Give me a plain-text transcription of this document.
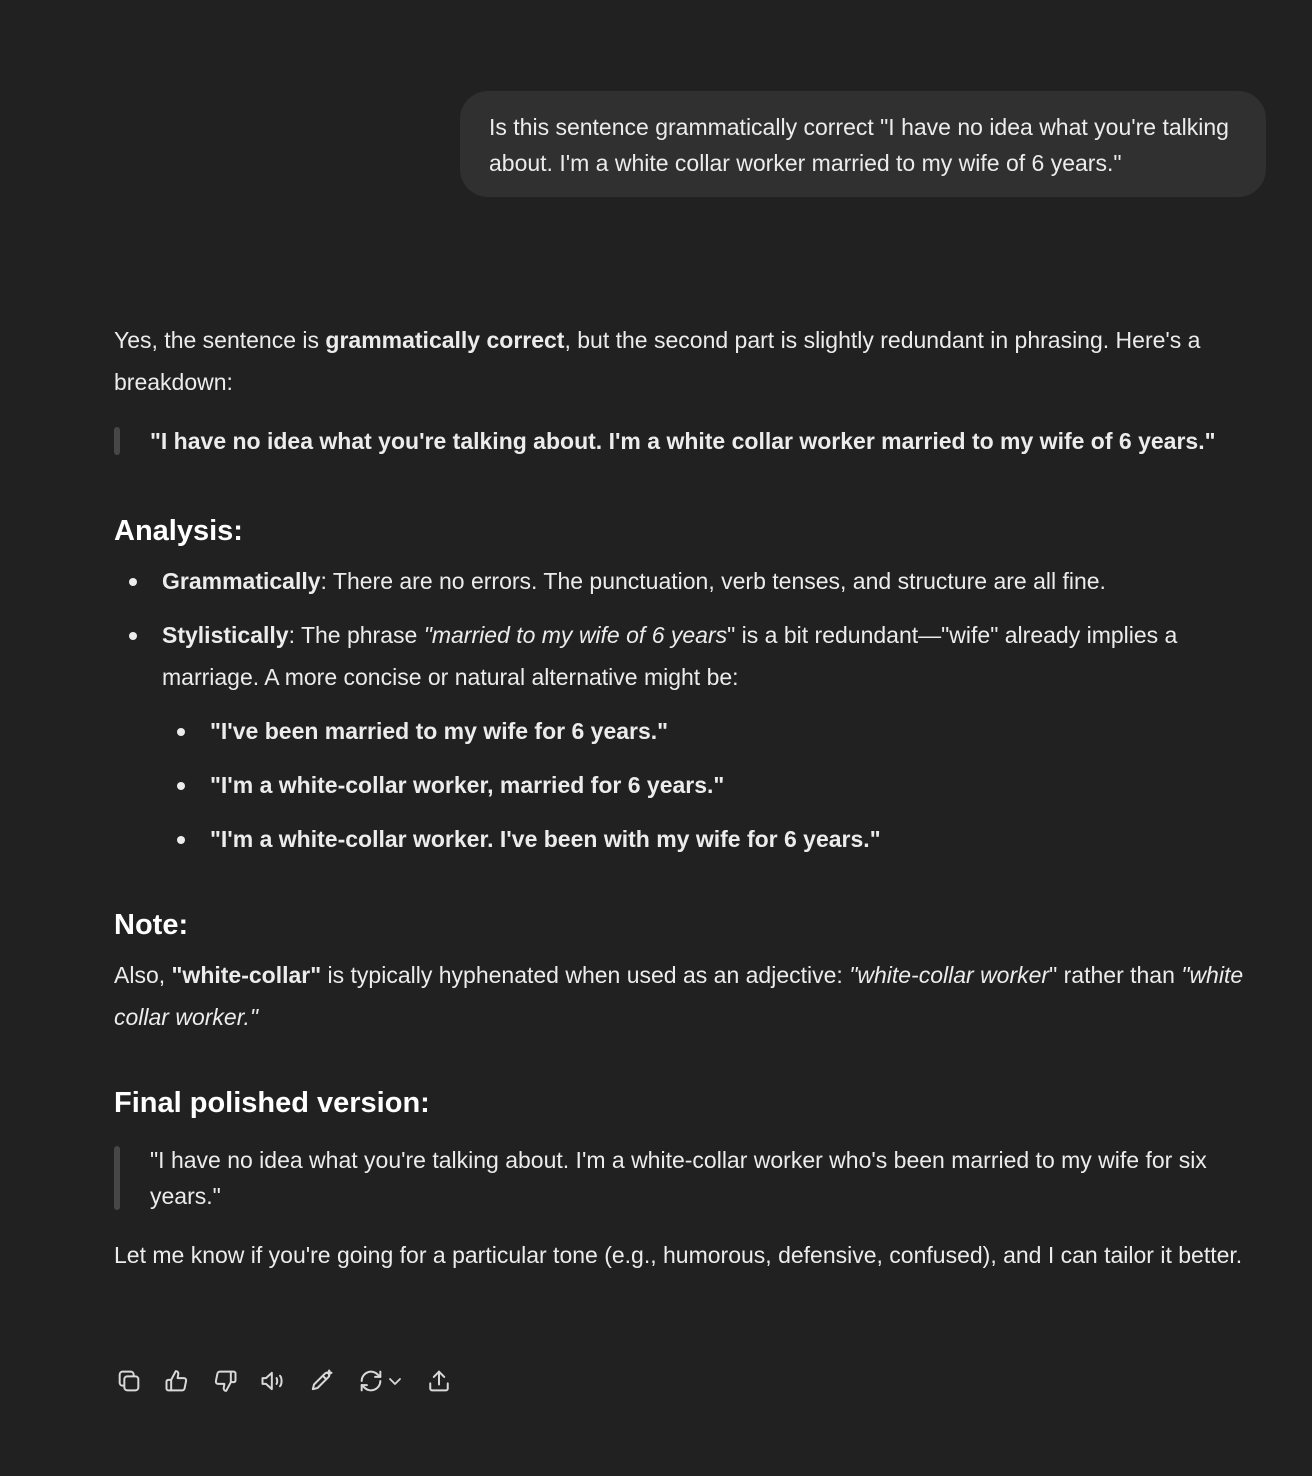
Is this sentence grammatically correct "I have no idea what you're talking about. I'm a white collar worker married to my wife of 6 years."

Yes, the sentence is grammatically correct, but the second part is slightly redundant in phrasing. Here's a breakdown:

"I have no idea what you're talking about. I'm a white collar worker married to my wife of 6 years."

Analysis:
Grammatically: There are no errors. The punctuation, verb tenses, and structure are all fine.
Stylistically: The phrase "married to my wife of 6 years" is a bit redundant—"wife" already implies a marriage. A more concise or natural alternative might be:
"I've been married to my wife for 6 years."
"I'm a white-collar worker, married for 6 years."
"I'm a white-collar worker. I've been with my wife for 6 years."
Note:

Also, "white-collar" is typically hyphenated when used as an adjective: "white-collar worker" rather than "white collar worker."

Final polished version:

"I have no idea what you're talking about. I'm a white-collar worker who's been married to my wife for six years."

Let me know if you're going for a particular tone (e.g., humorous, defensive, confused), and I can tailor it better.
